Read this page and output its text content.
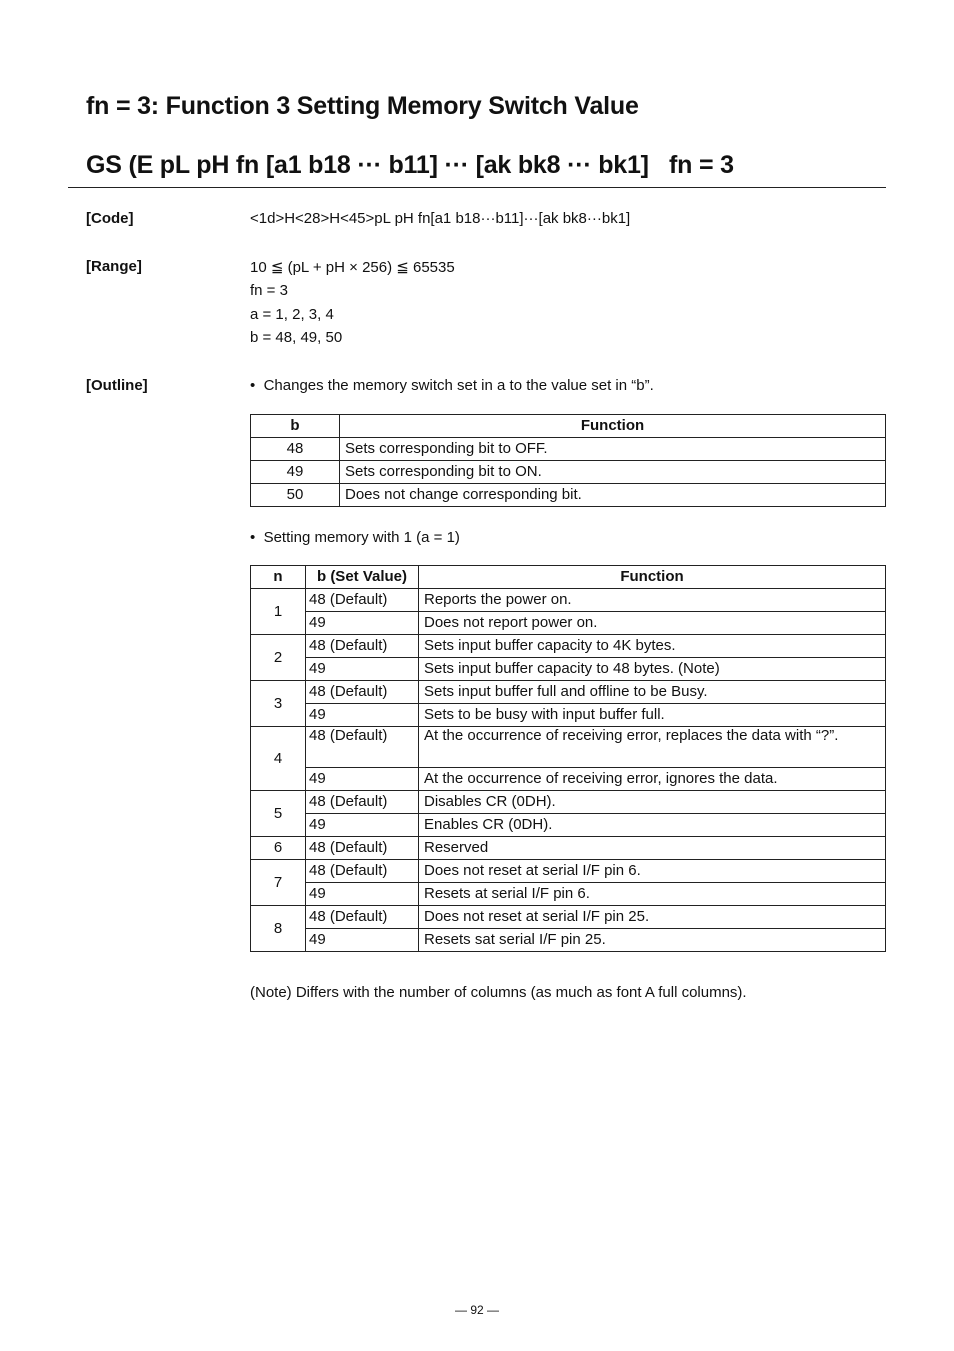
fn = 3: Function 3 Setting Memory Switch Value
GS (E pL pH fn [a1 b18 ··· b11] ··· [ak bk8 ··· bk1]   fn = 3
[Code]	<1d>H<28>H<45>pL pH fn[a1 b18···b11]···[ak bk8···bk1]
[Range]	10 ≦ (pL + pH × 256) ≦ 65535
fn = 3
a = 1, 2, 3, 4
b = 48, 49, 50
[Outline]	•  Changes the memory switch set in a to the value set in “b”.
b	Function
48	Sets corresponding bit to OFF.
49	Sets corresponding bit to ON.
50	Does not change corresponding bit.
•  Setting memory with 1 (a = 1)
n	b (Set Value)	Function
1	48 (Default)	Reports the power on.
	49	Does not report power on.
2	48 (Default)	Sets input buffer capacity to 4K bytes.
	49	Sets input buffer capacity to 48 bytes. (Note)
3	48 (Default)	Sets input buffer full and offline to be Busy.
	49	Sets to be busy with input buffer full.
4	48 (Default)	At the occurrence of receiving error, replaces the data with “?”.
	49	At the occurrence of receiving error, ignores the data.
5	48 (Default)	Disables CR (0DH).
	49	Enables CR (0DH).
6	48 (Default)	Reserved
7	48 (Default)	Does not reset at serial I/F pin 6.
	49	Resets at serial I/F pin 6.
8	48 (Default)	Does not reset at serial I/F pin 25.
	49	Resets sat serial I/F pin 25.
(Note) Differs with the number of columns (as much as font A full columns).
— 92 —
